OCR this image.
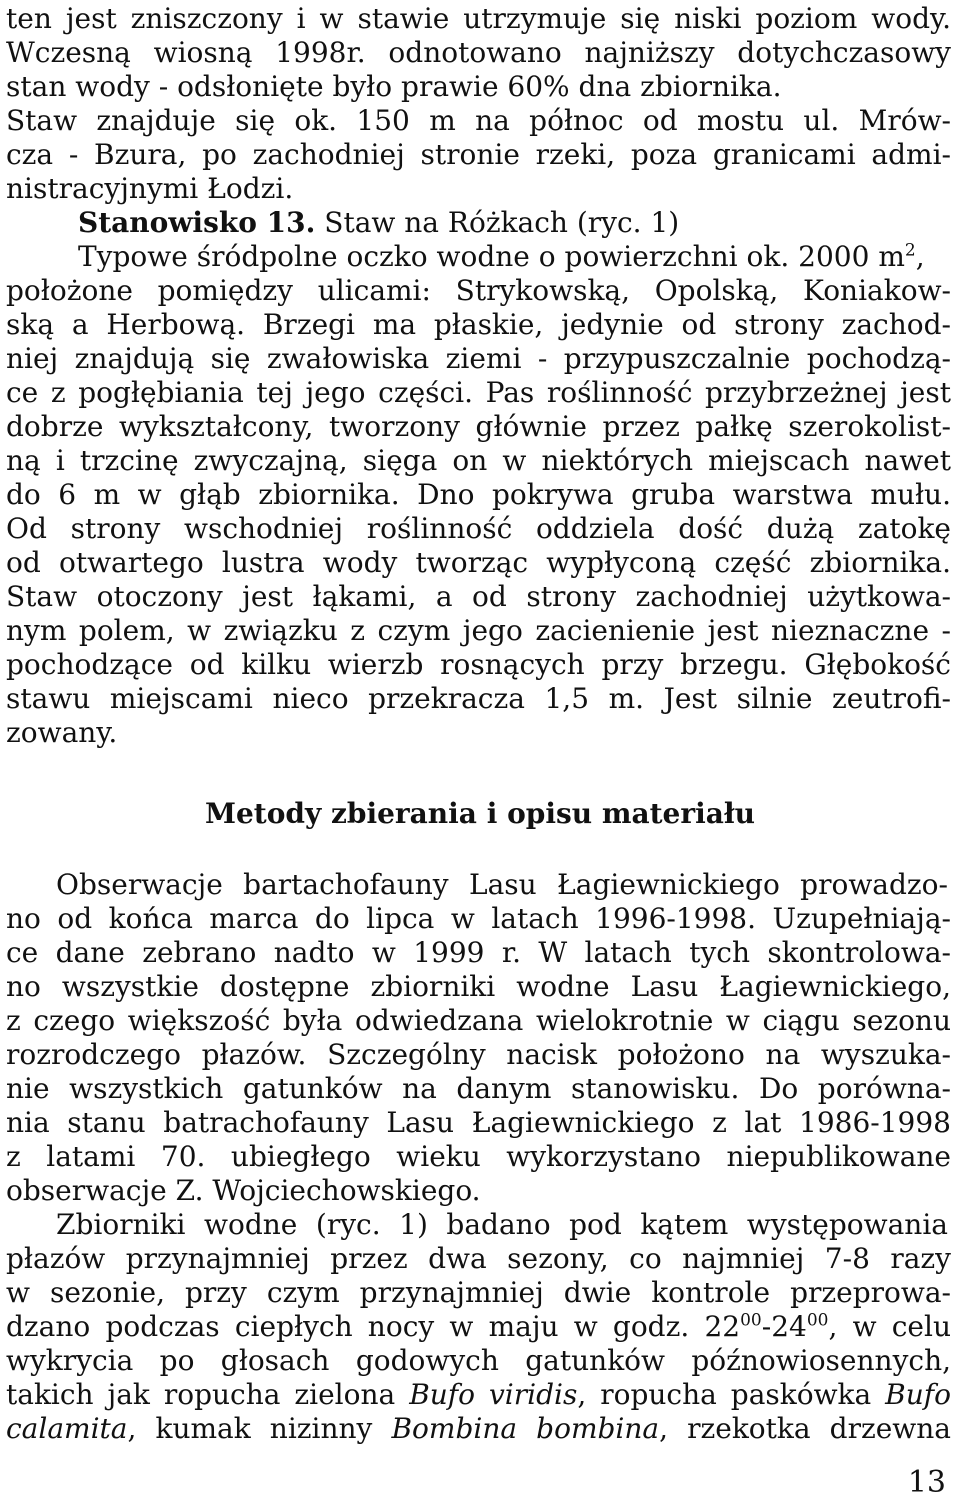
ten jest zniszczony i w stawie utrzymuje się niski poziom wody.
Wczesną wiosną 1998r. odnotowano najniższy dotychczasowy
stan wody - odsłonięte było prawie 60% dna zbiornika.
Staw znajduje się ok. 150 m na północ od mostu ul. Mrów-
cza - Bzura, po zachodniej stronie rzeki, poza granicami admi-
nistracyjnymi Łodzi.
Stanowisko 13. Staw na Różkach (ryc. 1)
Typowe śródpolne oczko wodne o powierzchni ok. 2000 $m^2$,
położone pomiędzy ulicami: Strykowską, Opolską, Koniakow-
ską a Herbową. Brzegi ma płaskie, jedynie od strony zachod-
niej znajdują się zwałowiska ziemi - przypuszczalnie pochodzą-
ce z pogłębiania tej jego części. Pas roślinność przybrzeżnej jest
dobrze wykształcony, tworzony głównie przez pałkę szerokolist-
ną i trzcinę zwyczajną, sięga on w niektórych miejscach nawet
do 6 m w głąb zbiornika. Dno pokrywa gruba warstwa mułu.
Od strony wschodniej roślinność oddziela dość dużą zatokę
od otwartego lustra wody tworząc wypłyconą część zbiornika.
Staw otoczony jest łąkami, a od strony zachodniej użytkowa-
nym polem, w związku z czym jego zacienienie jest nieznaczne -
pochodzące od kilku wierzb rosnących przy brzegu. Głębokość
stawu miejscami nieco przekracza 1,5 m. Jest silnie zeutrofi-
zowany.
Metody zbierania i opisu materiału
Obserwacje bartachofauny Lasu Łagiewnickiego prowadzo-
no od końca marca do lipca w latach 1996-1998. Uzupełniają-
ce dane zebrano nadto w 1999 r. W latach tych skontrolowa-
no wszystkie dostępne zbiorniki wodne Lasu Łagiewnickiego,
z czego większość była odwiedzana wielokrotnie w ciągu sezonu
rozrodczego płazów. Szczególny nacisk położono na wyszuka-
nie wszystkich gatunków na danym stanowisku. Do porówna-
nia stanu batrachofauny Lasu Łagiewnickiego z lat 1986-1998
z latami 70. ubiegłego wieku wykorzystano niepublikowane
obserwacje Z. Wojciechowskiego.
Zbiorniki wodne (ryc. 1) badano pod kątem występowania
płazów przynajmniej przez dwa sezony, co najmniej 7-8 razy
w sezonie, przy czym przynajmniej dwie kontrole przeprowa-
dzano podczas ciepłych nocy w maju w godz. $22^{00}-24^{00}$, w celu
wykrycia po głosach godowych gatunków późnowiosennych,
takich jak ropucha zielona Bufo viridis, ropucha paskówka Bufo
calamita, kumak nizinny Bombina bombina, rzekotka drzewna
13
